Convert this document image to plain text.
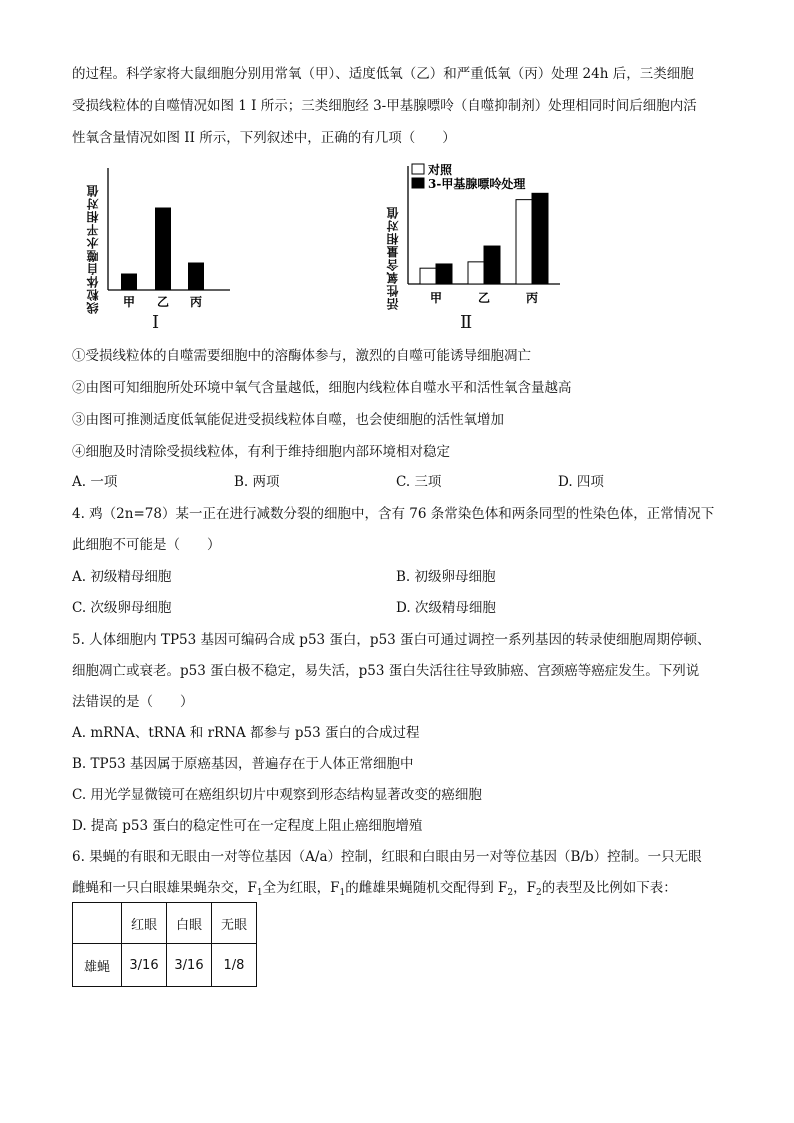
的过程。科学家将大鼠细胞分别用常氧（甲）、适度低氧（乙）和严重低氧（丙）处理 24h 后，三类细胞
受损线粒体的自噬情况如图 1 I 所示；三类细胞经 3-甲基腺嘌呤（自噬抑制剂）处理相同时间后细胞内活
性氧含量情况如图 II 所示，下列叙述中，正确的有几项（　　）
线粒体自噬水平相对值 甲 乙 丙
Ⅰ
活性氧含量相对值
对照
3-甲基腺嘌呤处理
甲	乙	丙
Ⅱ
①受损线粒体的自噬需要细胞中的溶酶体参与，激烈的自噬可能诱导细胞凋亡
②由图可知细胞所处环境中氧气含量越低，细胞内线粒体自噬水平和活性氧含量越高
③由图可推测适度低氧能促进受损线粒体自噬，也会使细胞的活性氧增加
④细胞及时清除受损线粒体，有利于维持细胞内部环境相对稳定
A. 一项	B. 两项	C. 三项	D. 四项
4. 鸡（2n=78）某一正在进行减数分裂的细胞中，含有 76 条常染色体和两条同型的性染色体，正常情况下
此细胞不可能是（　　）
A. 初级精母细胞	B. 初级卵母细胞
C. 次级卵母细胞	D. 次级精母细胞
5. 人体细胞内 TP53 基因可编码合成 p53 蛋白，p53 蛋白可通过调控一系列基因的转录使细胞周期停顿、
细胞凋亡或衰老。p53 蛋白极不稳定，易失活，p53 蛋白失活往往导致肺癌、宫颈癌等癌症发生。下列说
法错误的是（　　）
A. mRNA、tRNA 和 rRNA 都参与 p53 蛋白的合成过程
B. TP53 基因属于原癌基因，普遍存在于人体正常细胞中
C. 用光学显微镜可在癌组织切片中观察到形态结构显著改变的癌细胞
D. 提高 p53 蛋白的稳定性可在一定程度上阻止癌细胞增殖
6. 果蝇的有眼和无眼由一对等位基因（A/a）控制，红眼和白眼由另一对等位基因（B/b）控制。一只无眼
雌蝇和一只白眼雄果蝇杂交，$F_1$全为红眼，$F_1$的雌雄果蝇随机交配得到 $F_2$，$F_2$的表型及比例如下表：
	红眼	白眼	无眼
雄蝇	3/16	3/16	1/8
